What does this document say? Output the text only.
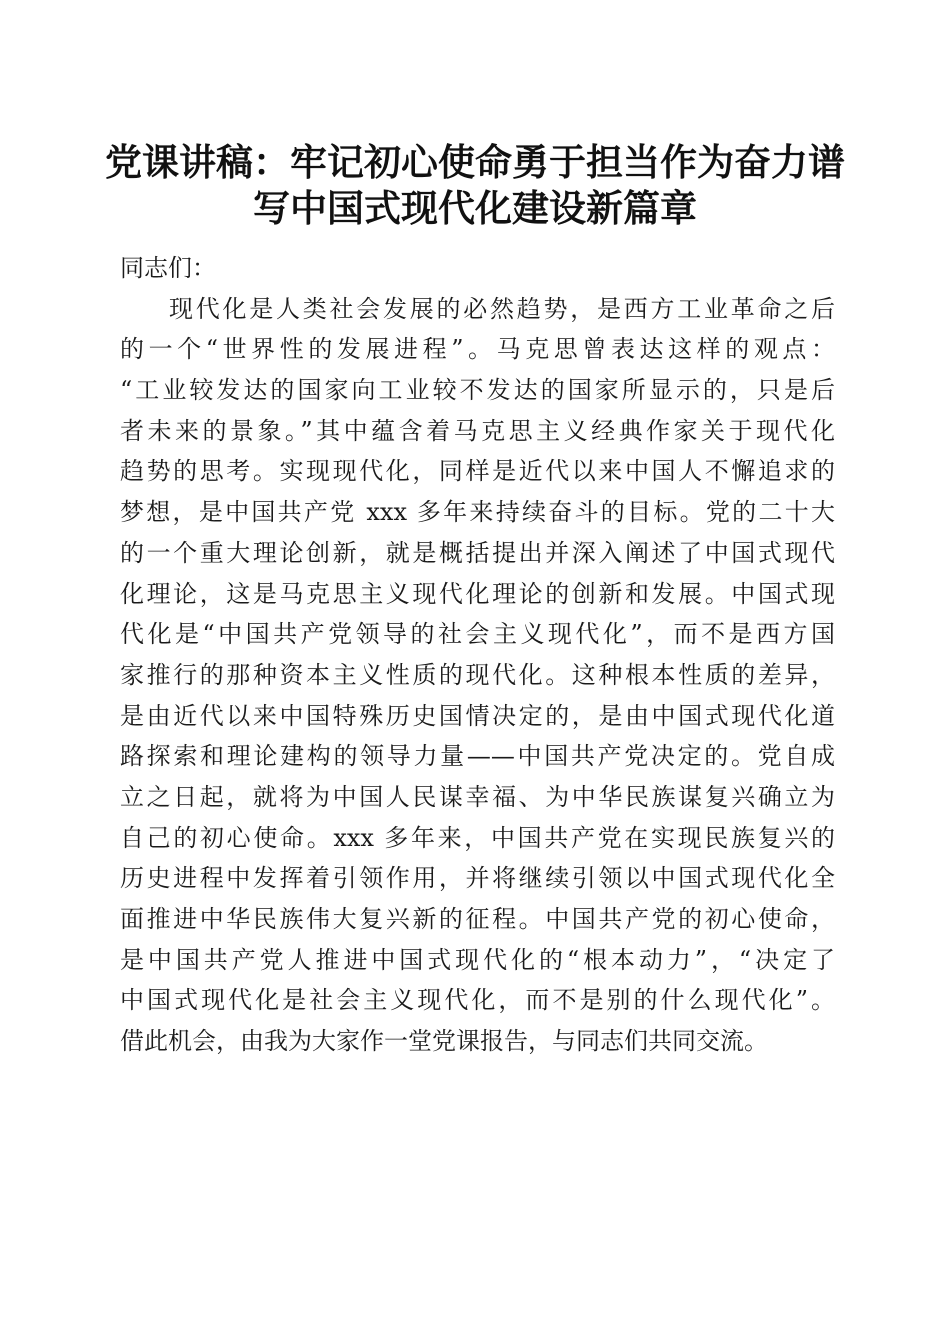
党课讲稿：牢记初心使命勇于担当作为奋力谱
写中国式现代化建设新篇章
同志们：
现代化是人类社会发展的必然趋势，是西方工业革命之后
的一个“世界性的发展进程”。马克思曾表达这样的观点：
“工业较发达的国家向工业较不发达的国家所显示的，只是后
者未来的景象。”其中蕴含着马克思主义经典作家关于现代化
趋势的思考。实现现代化，同样是近代以来中国人不懈追求的
梦想，是中国共产党 xxx 多年来持续奋斗的目标。党的二十大
的一个重大理论创新，就是概括提出并深入阐述了中国式现代
化理论，这是马克思主义现代化理论的创新和发展。中国式现
代化是“中国共产党领导的社会主义现代化”，而不是西方国
家推行的那种资本主义性质的现代化。这种根本性质的差异，
是由近代以来中国特殊历史国情决定的，是由中国式现代化道
路探索和理论建构的领导力量——中国共产党决定的。党自成
立之日起，就将为中国人民谋幸福、为中华民族谋复兴确立为
自己的初心使命。xxx 多年来，中国共产党在实现民族复兴的
历史进程中发挥着引领作用，并将继续引领以中国式现代化全
面推进中华民族伟大复兴新的征程。中国共产党的初心使命，
是中国共产党人推进中国式现代化的“根本动力”，“决定了
中国式现代化是社会主义现代化，而不是别的什么现代化”。
借此机会，由我为大家作一堂党课报告，与同志们共同交流。
